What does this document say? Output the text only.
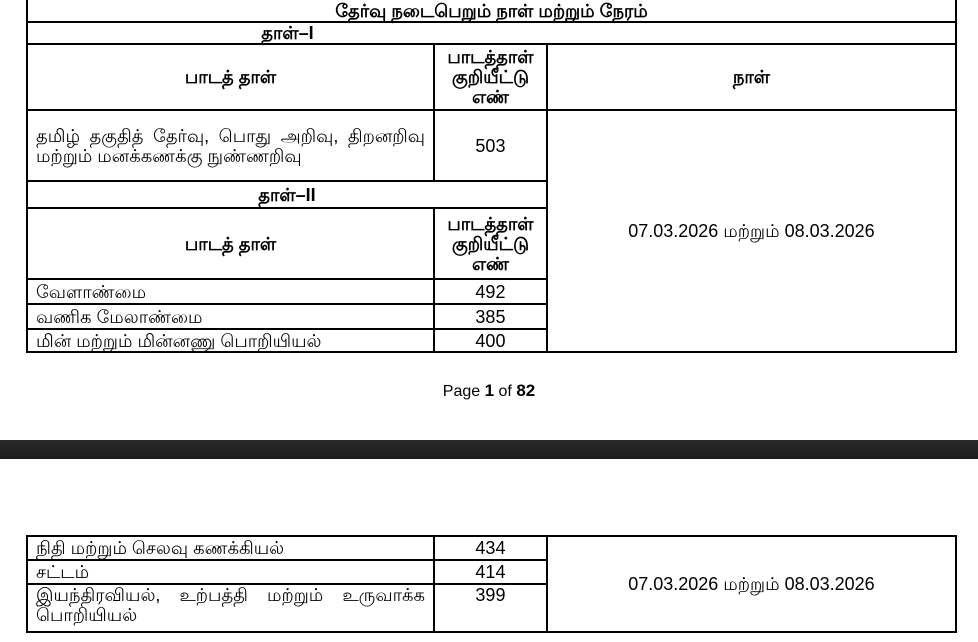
தேர்வு நடைபெறும் நாள் மற்றும் நேரம்		
தாள்–I		
பாடத் தாள்	பாடத்தாள் குறியீட்டு எண்	நாள்
தமிழ் தகுதித் தேர்வு, பொது அறிவு, திறனறிவு மற்றும் மனக்கணக்கு நுண்ணறிவு	503	07.03.2026 மற்றும் 08.03.2026
தாள்–II		
பாடத் தாள்	பாடத்தாள் குறியீட்டு எண்	
வேளாண்மை	492	
வணிக மேலாண்மை	385	
மின் மற்றும் மின்னணு பொறியியல்	400	
Page 1 of 82
நிதி மற்றும் செலவு கணக்கியல்	434	07.03.2026 மற்றும் 08.03.2026
சட்டம்	414	
இயந்திரவியல், உற்பத்தி மற்றும் உருவாக்க பொறியியல்	399	
